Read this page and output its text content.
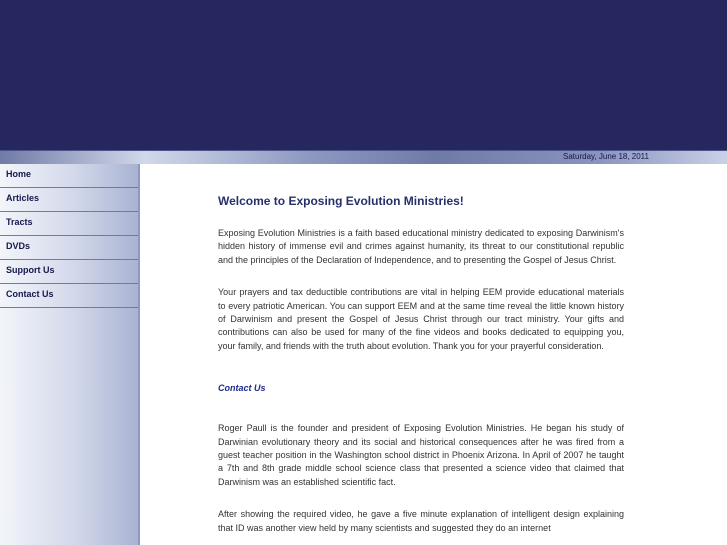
Saturday, June 18, 2011
Home
Articles
Tracts
DVDs
Support Us
Contact Us
Welcome to Exposing Evolution Ministries!

Exposing Evolution Ministries is a faith based educational ministry dedicated to exposing Darwinism's hidden history of immense evil and crimes against humanity, its threat to our constitutional republic and the principles of the Declaration of Independence, and to presenting the Gospel of Jesus Christ.

Your prayers and tax deductible contributions are vital in helping EEM provide educational materials to every patriotic American. You can support EEM and at the same time reveal the little known history of Darwinism and present the Gospel of Jesus Christ through our tract ministry. Your gifts and contributions can also be used for many of the fine videos and books dedicated to equipping you, your family, and friends with the truth about evolution. Thank you for your prayerful consideration.

Contact Us

Roger Paull is the founder and president of Exposing Evolution Ministries. He began his study of Darwinian evolutionary theory and its social and historical consequences after he was fired from a guest teacher position in the Washington school district in Phoenix Arizona. In April of 2007 he taught a 7th and 8th grade middle school science class that presented a science video that claimed that Darwinism was an established scientific fact.

After showing the required video, he gave a five minute explanation of intelligent design explaining that ID was another view held by many scientists and suggested they do an internet
